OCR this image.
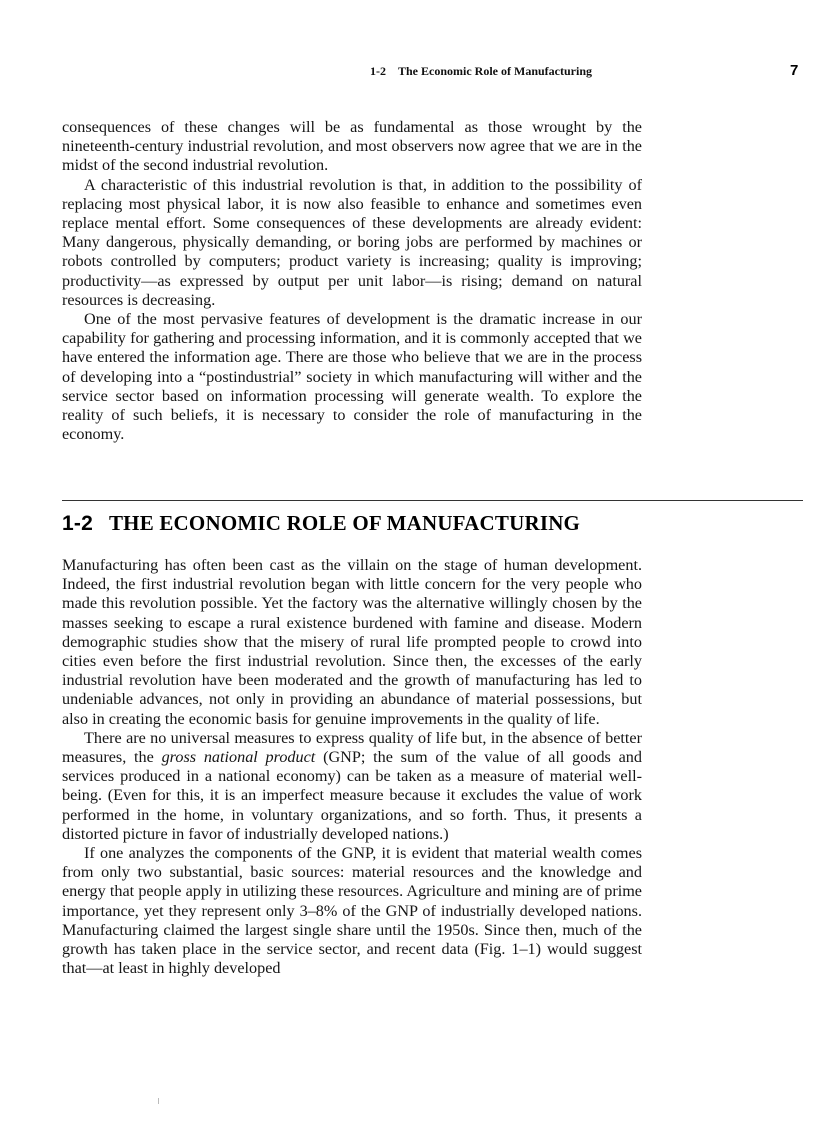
1-2 The Economic Role of Manufacturing	7

consequences of these changes will be as fundamental as those wrought by the nineteenth-century industrial revolution, and most observers now agree that we are in the midst of the second industrial revolution.

A characteristic of this industrial revolution is that, in addition to the possibility of replacing most physical labor, it is now also feasible to enhance and sometimes even replace mental effort. Some consequences of these developments are already evident: Many dangerous, physically demanding, or boring jobs are performed by machines or robots controlled by computers; product variety is increasing; quality is improving; productivity—as expressed by output per unit labor—is rising; demand on natural resources is decreasing.

One of the most pervasive features of development is the dramatic increase in our capability for gathering and processing information, and it is commonly accepted that we have entered the information age. There are those who believe that we are in the process of developing into a “postindustrial” society in which manufacturing will wither and the service sector based on information processing will generate wealth. To explore the reality of such beliefs, it is necessary to consider the role of manufacturing in the economy.

1-2 THE ECONOMIC ROLE OF MANUFACTURING

Manufacturing has often been cast as the villain on the stage of human development. Indeed, the first industrial revolution began with little concern for the very people who made this revolution possible. Yet the factory was the alternative willingly chosen by the masses seeking to escape a rural existence burdened with famine and disease. Modern demographic studies show that the misery of rural life prompted people to crowd into cities even before the first industrial revolution. Since then, the excesses of the early industrial revolution have been moderated and the growth of manufacturing has led to undeniable advances, not only in providing an abundance of material possessions, but also in creating the economic basis for genuine improvements in the quality of life.

There are no universal measures to express quality of life but, in the absence of better measures, the gross national product (GNP; the sum of the value of all goods and services produced in a national economy) can be taken as a measure of material well-being. (Even for this, it is an imperfect measure because it excludes the value of work performed in the home, in voluntary organizations, and so forth. Thus, it presents a distorted picture in favor of industrially developed nations.)

If one analyzes the components of the GNP, it is evident that material wealth comes from only two substantial, basic sources: material resources and the knowledge and energy that people apply in utilizing these resources. Agriculture and mining are of prime importance, yet they represent only 3–8% of the GNP of industrially developed nations. Manufacturing claimed the largest single share until the 1950s. Since then, much of the growth has taken place in the service sector, and recent data (Fig. 1–1) would suggest that—at least in highly developed
